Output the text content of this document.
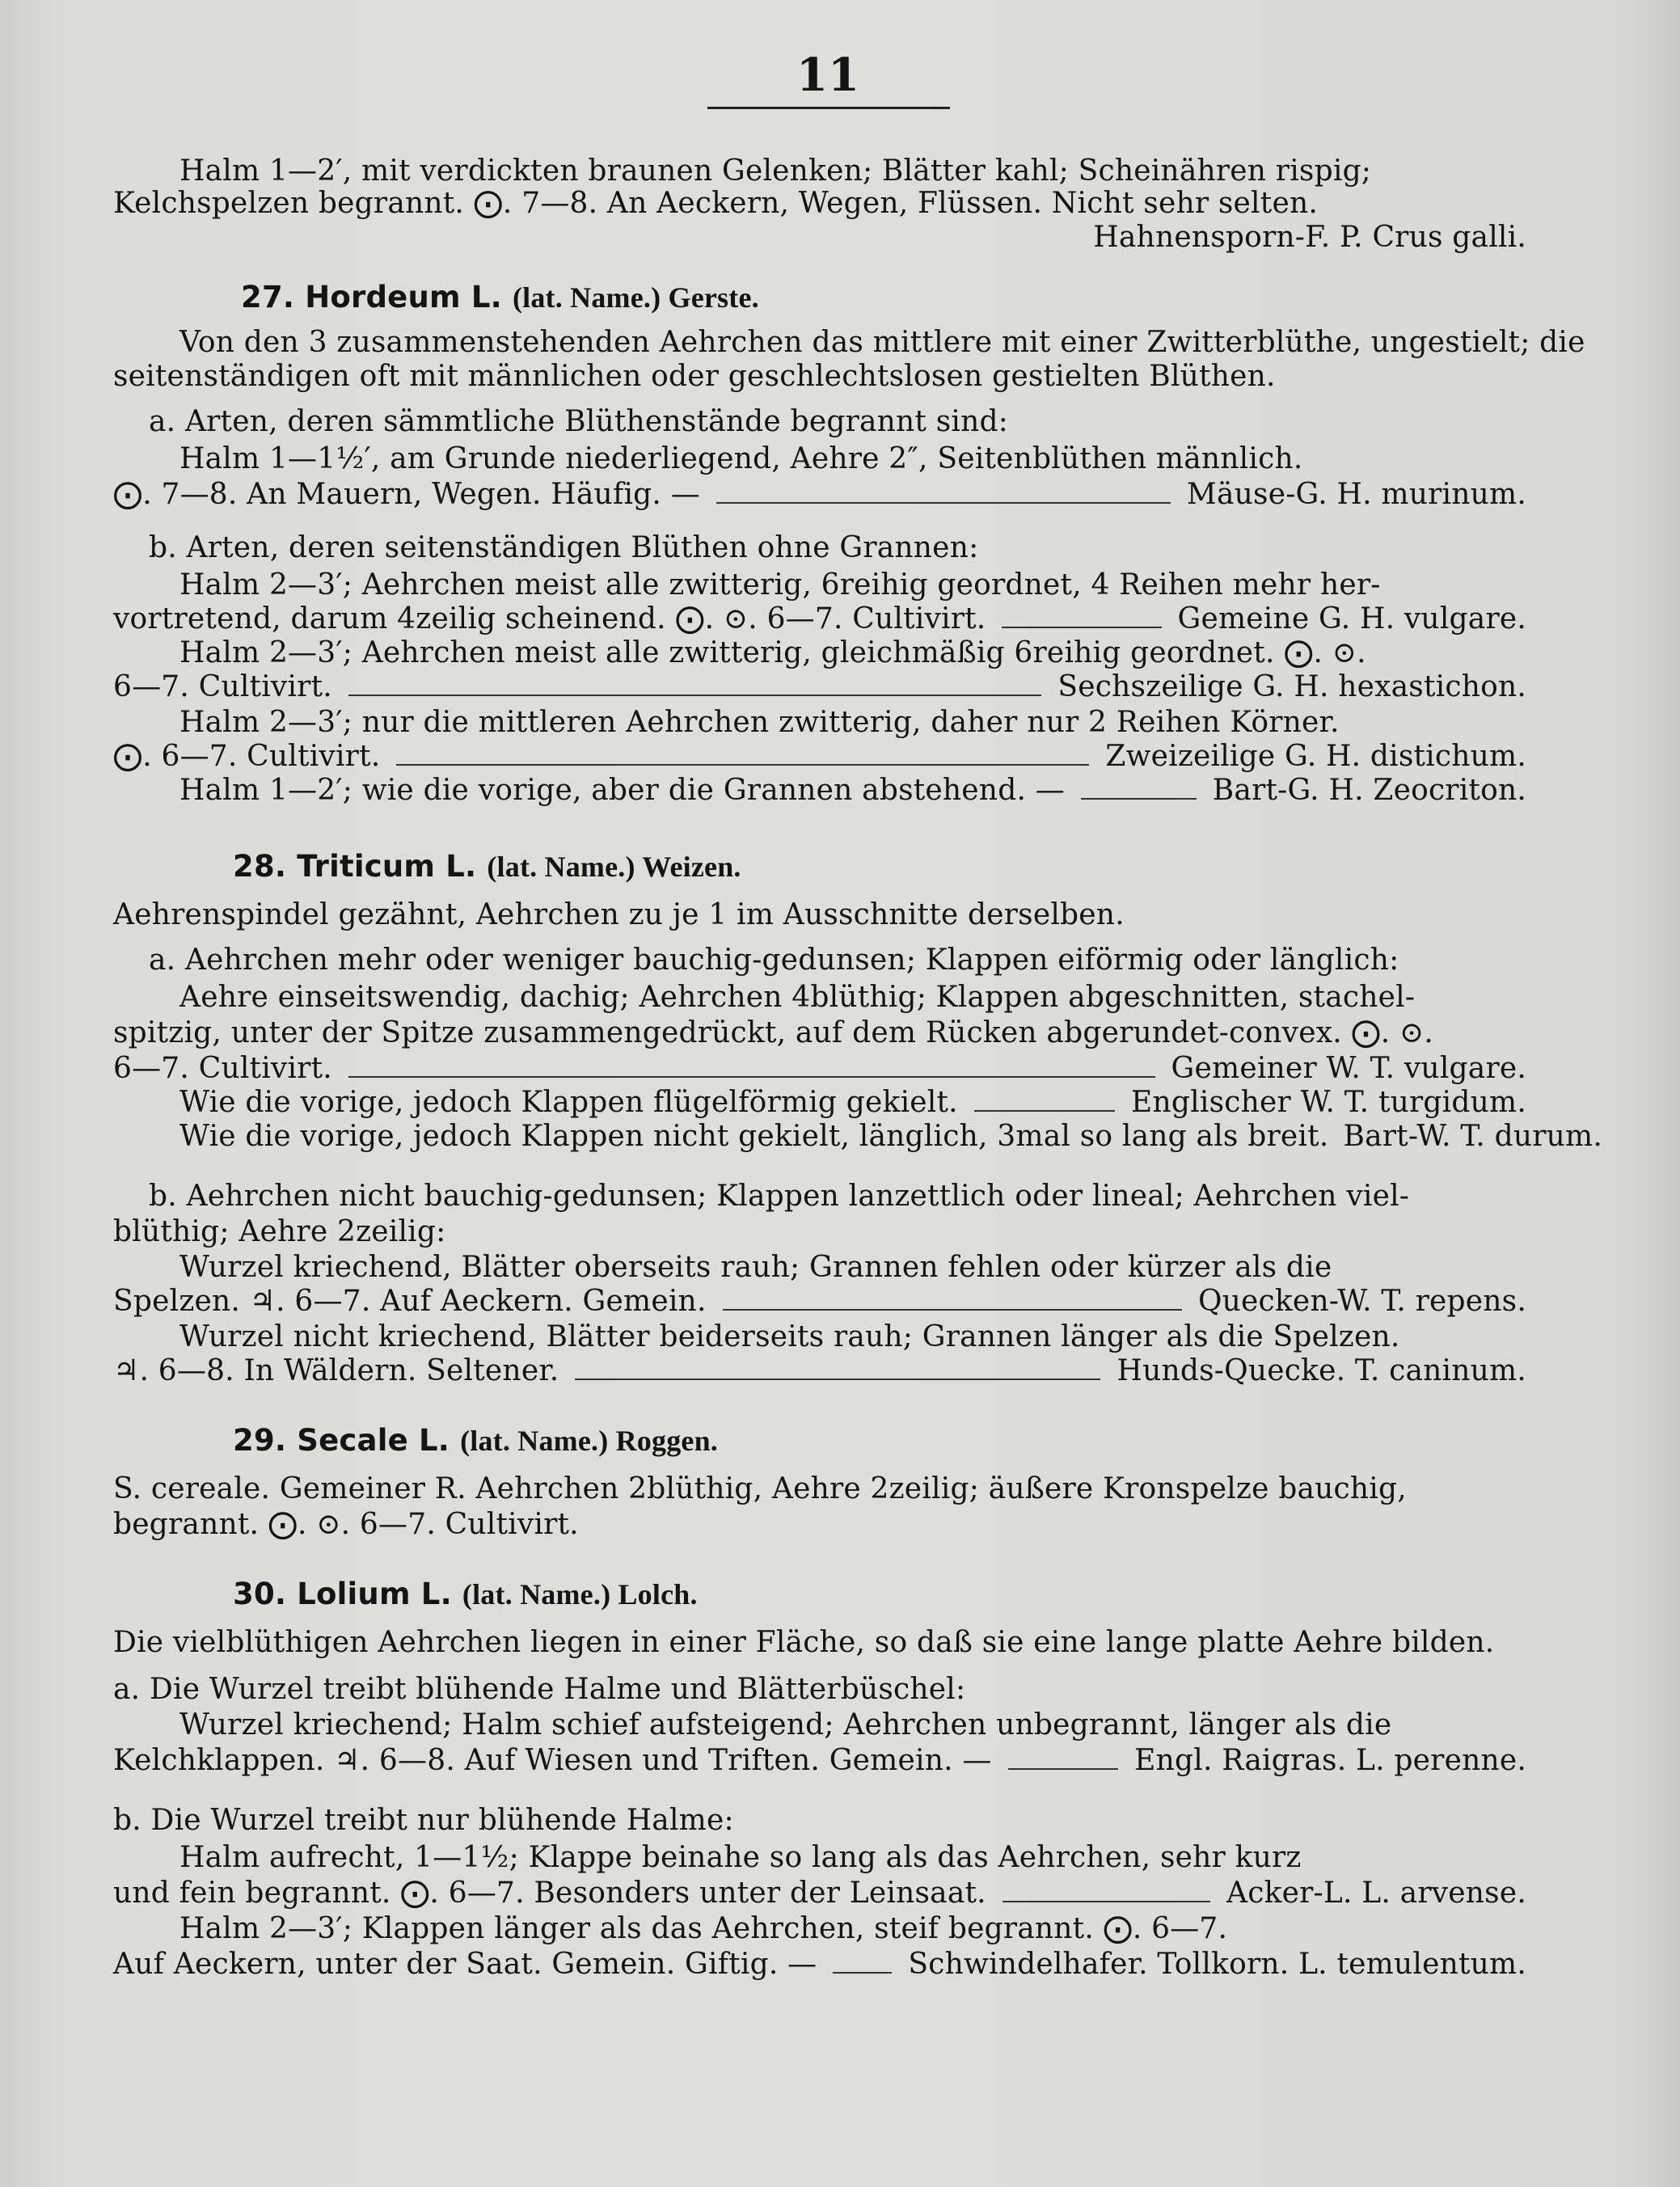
11
Halm 1—2′, mit verdickten braunen Gelenken; Blätter kahl; Scheinähren rispig;
Kelchspelzen begrannt. ⨀. 7—8. An Aeckern, Wegen, Flüssen. Nicht sehr selten.
Hahnensporn-F. P. Crus galli.
27. Hordeum L. (lat. Name.) Gerste.
Von den 3 zusammenstehenden Aehrchen das mittlere mit einer Zwitterblüthe, ungestielt; die
seitenständigen oft mit männlichen oder geschlechtslosen gestielten Blüthen.
a. Arten, deren sämmtliche Blüthenstände begrannt sind:
Halm 1—1½′, am Grunde niederliegend, Aehre 2″, Seitenblüthen männlich.
⨀. 7—8. An Mauern, Wegen. Häufig. —	Mäuse-G. H. murinum.
b. Arten, deren seitenständigen Blüthen ohne Grannen:
Halm 2—3′; Aehrchen meist alle zwitterig, 6reihig geordnet, 4 Reihen mehr her-
vortretend, darum 4zeilig scheinend. ⨀. ⊙. 6—7. Cultivirt.	Gemeine G. H. vulgare.
Halm 2—3′; Aehrchen meist alle zwitterig, gleichmäßig 6reihig geordnet. ⨀. ⊙.
6—7. Cultivirt.	Sechszeilige G. H. hexastichon.
Halm 2—3′; nur die mittleren Aehrchen zwitterig, daher nur 2 Reihen Körner.
⨀. 6—7. Cultivirt.	Zweizeilige G. H. distichum.
Halm 1—2′; wie die vorige, aber die Grannen abstehend. —	Bart-G. H. Zeocriton.
28. Triticum L. (lat. Name.) Weizen.
Aehrenspindel gezähnt, Aehrchen zu je 1 im Ausschnitte derselben.
a. Aehrchen mehr oder weniger bauchig-gedunsen; Klappen eiförmig oder länglich:
Aehre einseitswendig, dachig; Aehrchen 4blüthig; Klappen abgeschnitten, stachel-
spitzig, unter der Spitze zusammengedrückt, auf dem Rücken abgerundet-convex. ⨀. ⊙.
6—7. Cultivirt.	Gemeiner W. T. vulgare.
Wie die vorige, jedoch Klappen flügelförmig gekielt.	Englischer W. T. turgidum.
Wie die vorige, jedoch Klappen nicht gekielt, länglich, 3mal so lang als breit. Bart-W. T. durum.
b. Aehrchen nicht bauchig-gedunsen; Klappen lanzettlich oder lineal; Aehrchen viel-
blüthig; Aehre 2zeilig:
Wurzel kriechend, Blätter oberseits rauh; Grannen fehlen oder kürzer als die
Spelzen. ♃. 6—7. Auf Aeckern. Gemein.	Quecken-W. T. repens.
Wurzel nicht kriechend, Blätter beiderseits rauh; Grannen länger als die Spelzen.
♃. 6—8. In Wäldern. Seltener.	Hunds-Quecke. T. caninum.
29. Secale L. (lat. Name.) Roggen.
S. cereale. Gemeiner R. Aehrchen 2blüthig, Aehre 2zeilig; äußere Kronspelze bauchig,
begrannt. ⨀. ⊙. 6—7. Cultivirt.
30. Lolium L. (lat. Name.) Lolch.
Die vielblüthigen Aehrchen liegen in einer Fläche, so daß sie eine lange platte Aehre bilden.
a. Die Wurzel treibt blühende Halme und Blätterbüschel:
Wurzel kriechend; Halm schief aufsteigend; Aehrchen unbegrannt, länger als die
Kelchklappen. ♃. 6—8. Auf Wiesen und Triften. Gemein. —	Engl. Raigras. L. perenne.
b. Die Wurzel treibt nur blühende Halme:
Halm aufrecht, 1—1½; Klappe beinahe so lang als das Aehrchen, sehr kurz
und fein begrannt. ⨀. 6—7. Besonders unter der Leinsaat.	Acker-L. L. arvense.
Halm 2—3′; Klappen länger als das Aehrchen, steif begrannt. ⨀. 6—7.
Auf Aeckern, unter der Saat. Gemein. Giftig. —	Schwindelhafer. Tollkorn. L. temulentum.
